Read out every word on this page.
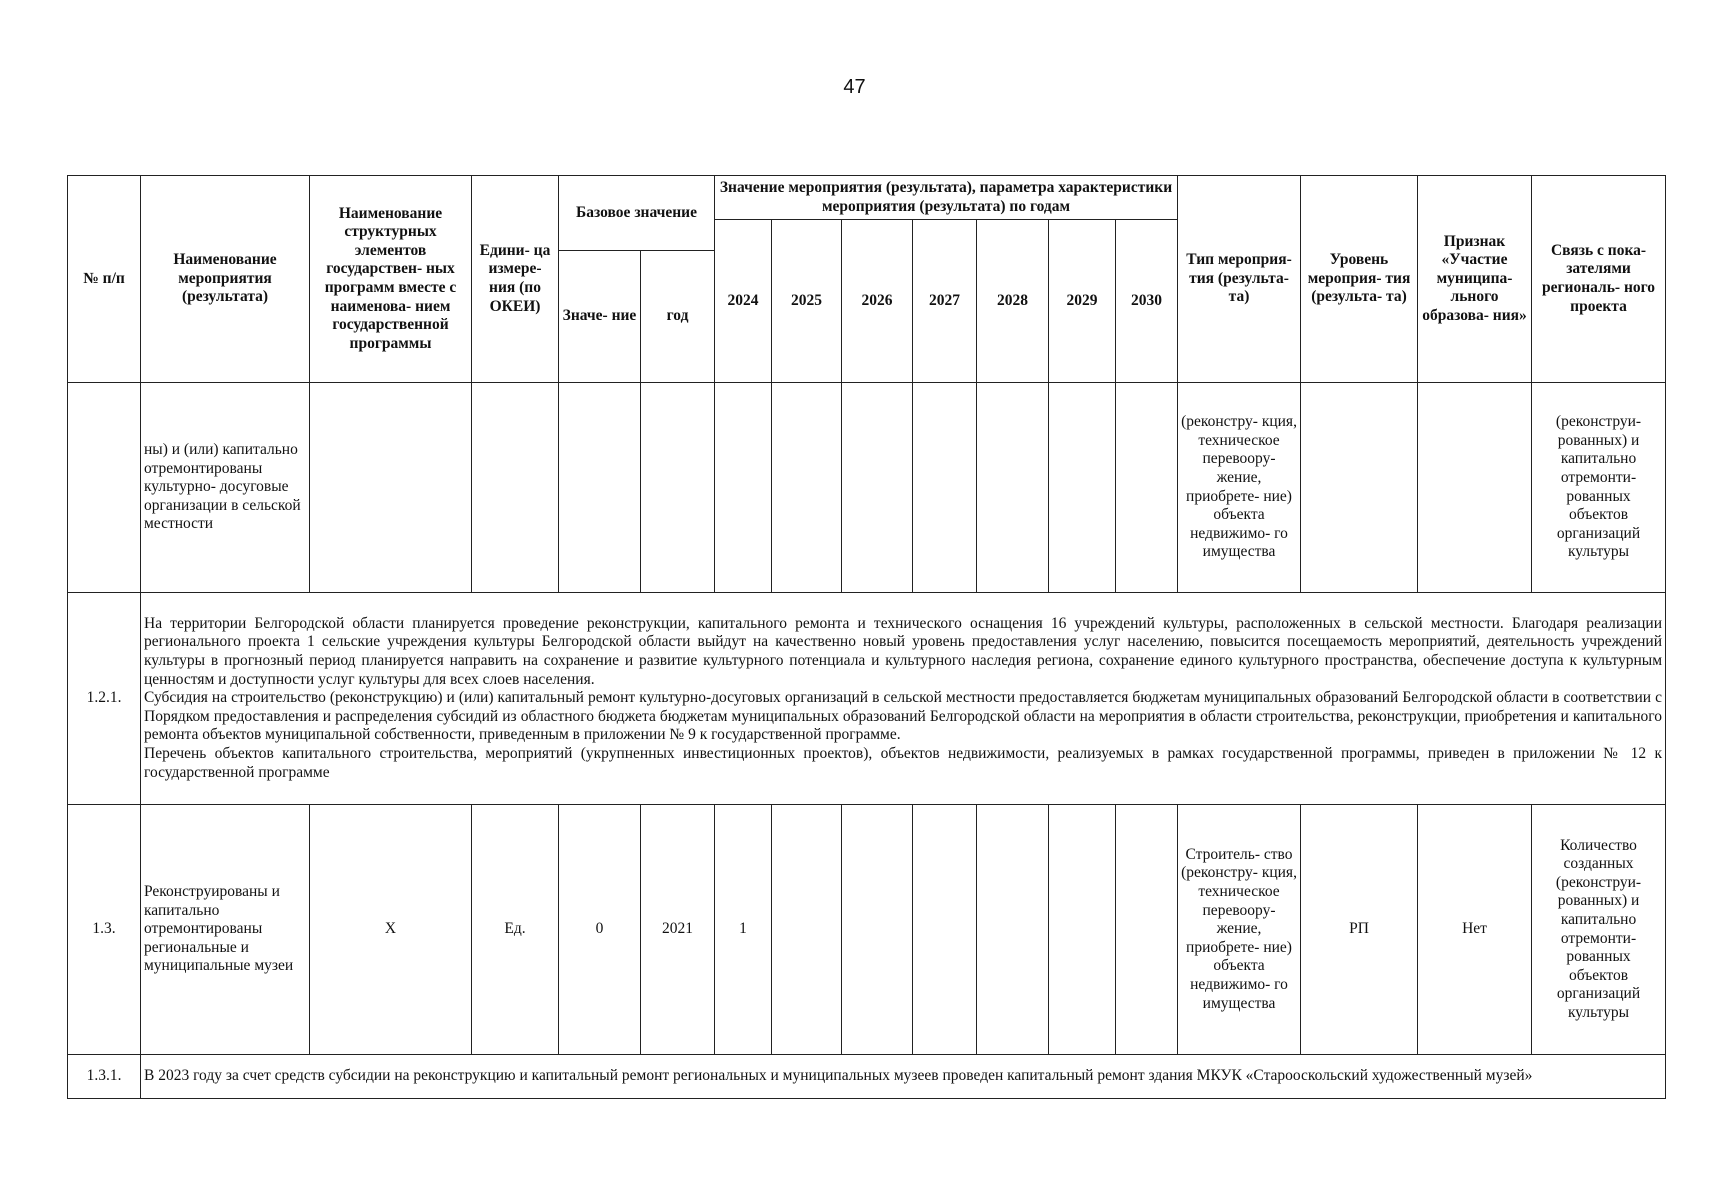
47
№ п/п	Наименование мероприятия (результата)	Наименование структурных элементов государствен- ных программ вместе с наименова- нием государственной программы	Едини- ца измере- ния (по ОКЕИ)	Базовое значение		Значение мероприятия (результата), параметра характеристики мероприятия (результата) по годам							Тип мероприя- тия (результа- та)	Уровень мероприя- тия (результа- та)	Признак «Участие муниципа- льного образова- ния»	Связь с пока- зателями региональ- ного проекта
						2024	2025	2026	2027	2028	2029	2030				
				Значе- ние	год											
	ны) и (или) капитально отремонтированы культурно- досуговые организации в сельской местности												(реконстру- кция, техническое перевоору- жение, приобрете- ние) объекта недвижимо- го имущества			(реконструи- рованных) и капитально отремонти- рованных объектов организаций культуры
1.2.1.	На территории Белгородской области планируется проведение реконструкции, капитального ремонта и технического оснащения 16 учреждений культуры, расположенных в сельской местности. Благодаря реализации регионального проекта 1 сельские учреждения культуры Белгородской области выйдут на качественно новый уровень предоставления услуг населению, повысится посещаемость мероприятий, деятельность учреждений культуры в прогнозный период планируется направить на сохранение и развитие культурного потенциала и культурного наследия региона, сохранение единого культурного пространства, обеспечение доступа к культурным ценностям и доступности услуг культуры для всех слоев населения.
Субсидия на строительство (реконструкцию) и (или) капитальный ремонт культурно-досуговых организаций в сельской местности предоставляется бюджетам муниципальных образований Белгородской области в соответствии с Порядком предоставления и распределения субсидий из областного бюджета бюджетам муниципальных образований Белгородской области на мероприятия в области строительства, реконструкции, приобретения и капитального ремонта объектов муниципальной собственности, приведенным в приложении № 9 к государственной программе.
Перечень объектов капитального строительства, мероприятий (укрупненных инвестиционных проектов), объектов недвижимости, реализуемых в рамках государственной программы, приведен в приложении № 12 к государственной программе															

1.3.	Реконструированы и капитально отремонтированы региональные и муниципальные музеи	Х	Ед.	0	2021	1							Строитель- ство (реконстру- кция, техническое перевоору- жение, приобрете- ние) объекта недвижимо- го имущества	РП	Нет	Количество созданных (реконструи- рованных) и капитально отремонти- рованных объектов организаций культуры
1.3.1.	В 2023 году за счет средств субсидии на реконструкцию и капитальный ремонт региональных и муниципальных музеев проведен капитальный ремонт здания МКУК «Старооскольский художественный музей»															
